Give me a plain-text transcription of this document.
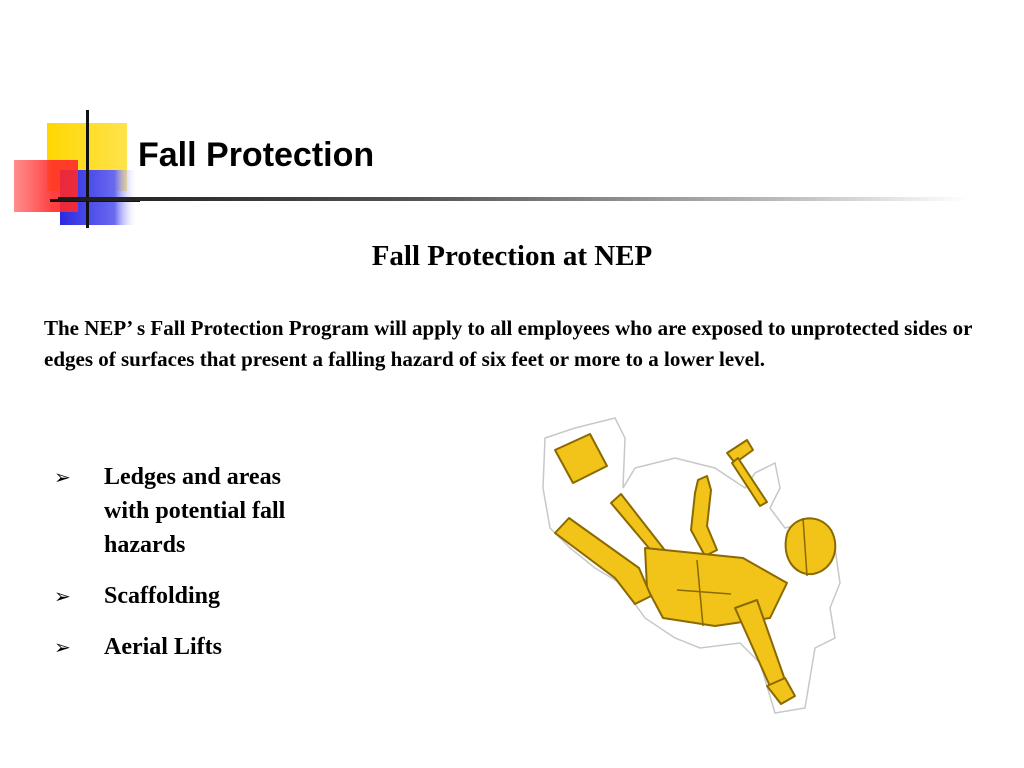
Fall Protection
Fall Protection at NEP
The NEP’ s Fall Protection Program will apply to all employees who are exposed to unprotected sides or edges of surfaces that present a falling hazard of six feet or more to a lower level.
➢ Ledges and areas with potential fall hazards
➢ Scaffolding
➢ Aerial Lifts
